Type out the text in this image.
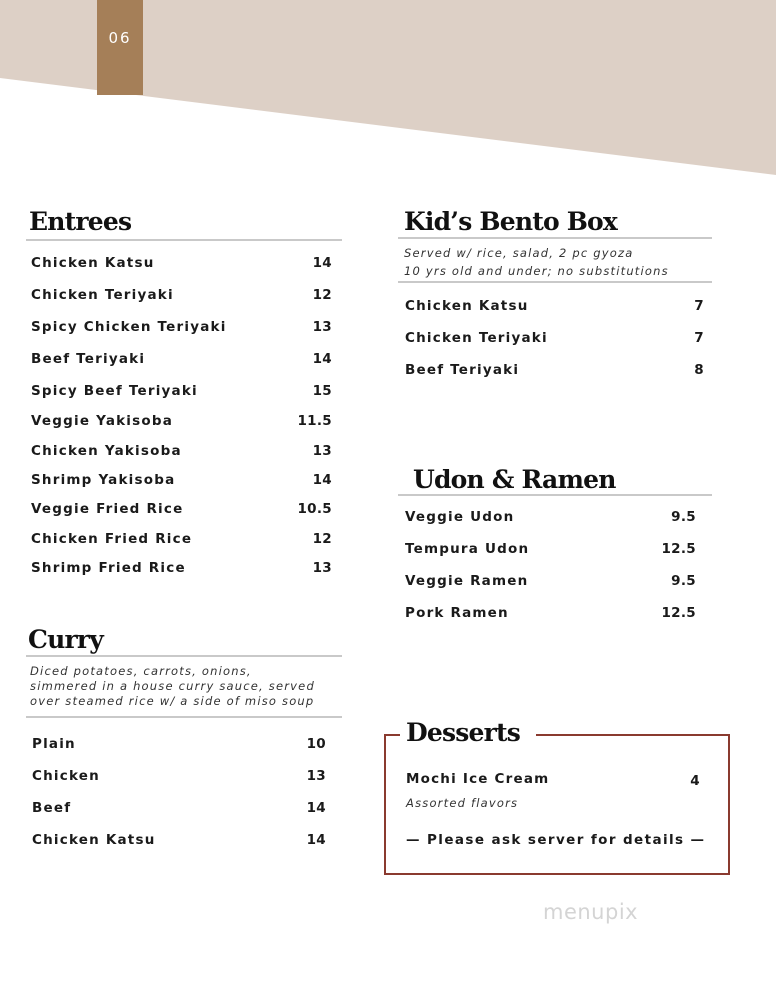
06
Entrees
Chicken Katsu	14
Chicken Teriyaki	12
Spicy Chicken Teriyaki	13
Beef Teriyaki	14
Spicy Beef Teriyaki	15
Veggie Yakisoba	11.5
Chicken Yakisoba	13
Shrimp Yakisoba	14
Veggie Fried Rice	10.5
Chicken Fried Rice	12
Shrimp Fried Rice	13
Curry
Diced potatoes, carrots, onions,
simmered in a house curry sauce, served
over steamed rice w/ a side of miso soup
Plain	10
Chicken	13
Beef	14
Chicken Katsu	14
Kid’s Bento Box
Served w/ rice, salad, 2 pc gyoza
10 yrs old and under; no substitutions
Chicken Katsu	7
Chicken Teriyaki	7
Beef Teriyaki	8
Udon & Ramen
Veggie Udon	9.5
Tempura Udon	12.5
Veggie Ramen	9.5
Pork Ramen	12.5
Desserts
Mochi Ice Cream	4
Assorted flavors
— Please ask server for details —
menupix
